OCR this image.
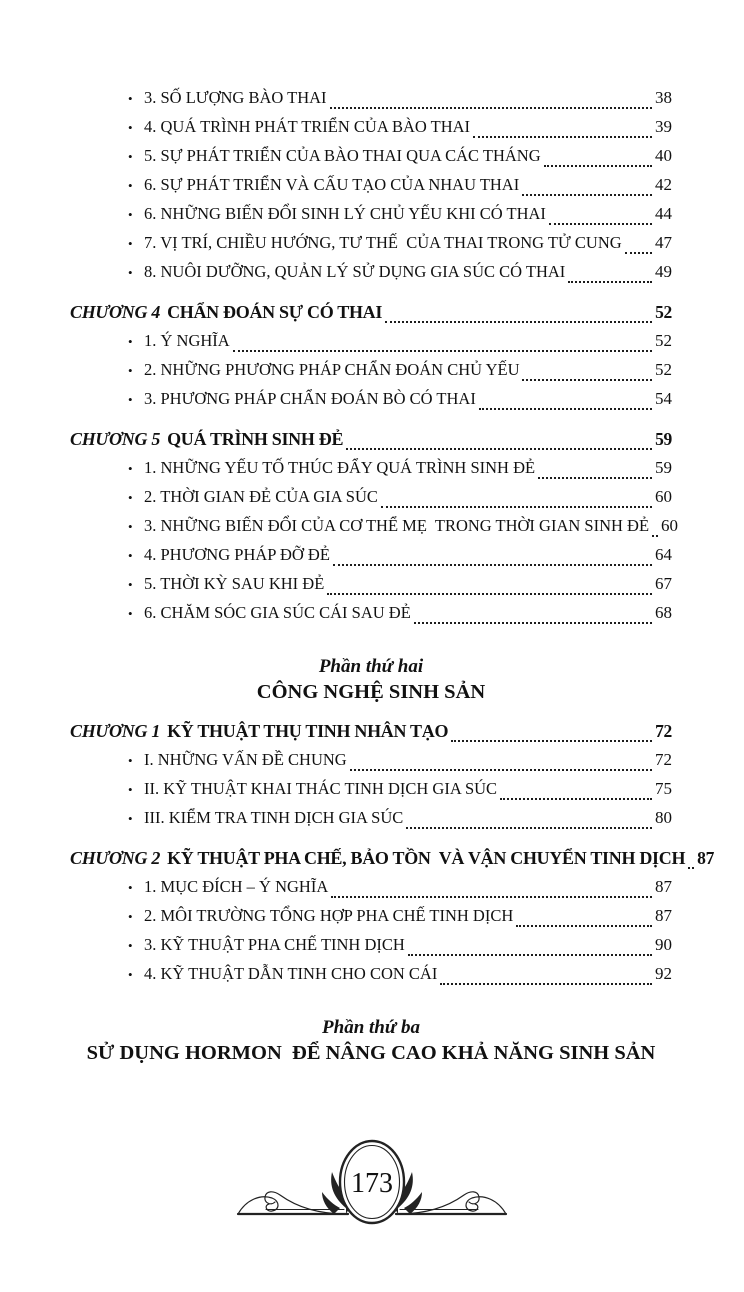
• 3. SỐ LƯỢNG BÀO THAI	38
• 4. QUÁ TRÌNH PHÁT TRIỂN CỦA BÀO THAI	39
• 5. SỰ PHÁT TRIỂN CỦA BÀO THAI QUA CÁC THÁNG	40
• 6. SỰ PHÁT TRIỂN VÀ CẤU TẠO CỦA NHAU THAI	42
• 6. NHỮNG BIẾN ĐỔI SINH LÝ CHỦ YẾU KHI CÓ THAI	44
• 7. VỊ TRÍ, CHIỀU HƯỚNG, TƯ THẾ  CỦA THAI TRONG TỬ CUNG 47
• 8. NUÔI DƯỠNG, QUẢN LÝ SỬ DỤNG GIA SÚC CÓ THAI	49
CHƯƠNG 4 CHẨN ĐOÁN SỰ CÓ THAI	52
• 1. Ý NGHĨA	52
• 2. NHỮNG PHƯƠNG PHÁP CHẨN ĐOÁN CHỦ YẾU	52
• 3. PHƯƠNG PHÁP CHẨN ĐOÁN BÒ CÓ THAI	54
CHƯƠNG 5 QUÁ TRÌNH SINH ĐẺ	59
• 1. NHỮNG YẾU TỐ THÚC ĐẨY QUÁ TRÌNH SINH ĐẺ	59
• 2. THỜI GIAN ĐẺ CỦA GIA SÚC	60
• 3. NHỮNG BIẾN ĐỔI CỦA CƠ THỂ MẸ  TRONG THỜI GIAN SINH ĐẺ 60
• 4. PHƯƠNG PHÁP ĐỠ ĐẺ	64
• 5. THỜI KỲ SAU KHI ĐẺ	67
• 6. CHĂM SÓC GIA SÚC CÁI SAU ĐẺ	68
Phần thứ hai
CÔNG NGHỆ SINH SẢN
CHƯƠNG 1 KỸ THUẬT THỤ TINH NHÂN TẠO	72
• I. NHỮNG VẤN ĐỀ CHUNG	72
• II. KỸ THUẬT KHAI THÁC TINH DỊCH GIA SÚC	75
• III. KIỂM TRA TINH DỊCH GIA SÚC	80
CHƯƠNG 2 KỸ THUẬT PHA CHẾ, BẢO TỒN  VÀ VẬN CHUYỂN TINH DỊCH 87
• 1. MỤC ĐÍCH – Ý NGHĨA	87
• 2. MÔI TRƯỜNG TỔNG HỢP PHA CHẾ TINH DỊCH	87
• 3. KỸ THUẬT PHA CHẾ TINH DỊCH	90
• 4. KỸ THUẬT DẪN TINH CHO CON CÁI	92
Phần thứ ba
SỬ DỤNG HORMON  ĐỂ NÂNG CAO KHẢ NĂNG SINH SẢN
173
